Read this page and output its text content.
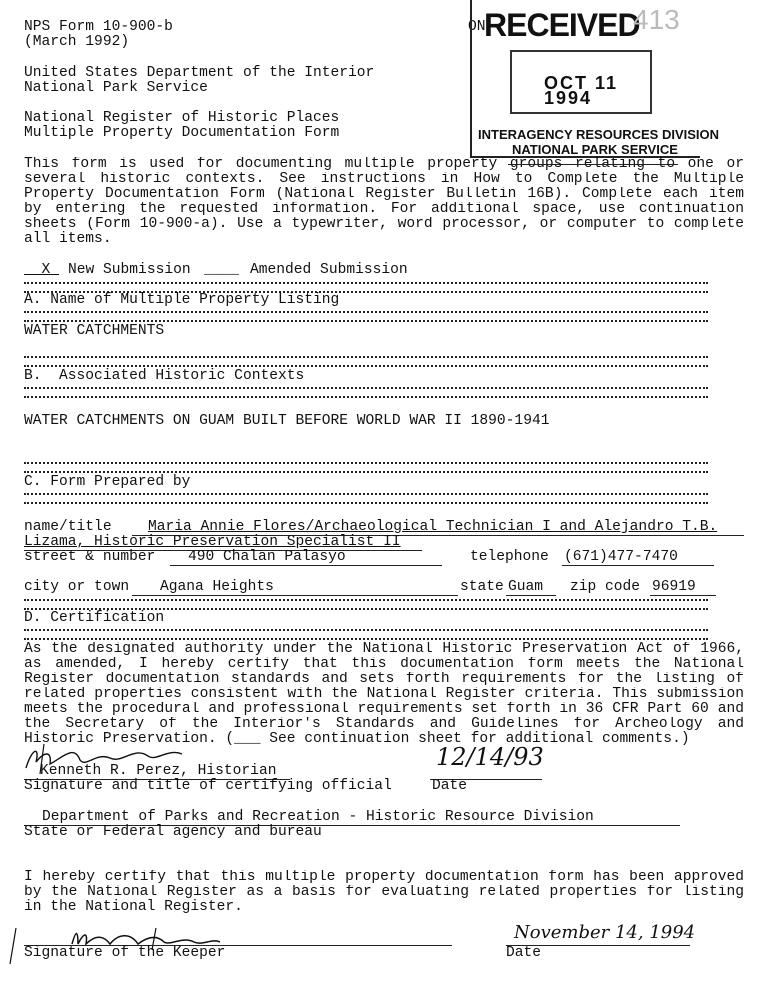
NPS Form 10-900-b
(March 1992)
ON
United States Department of the Interior
National Park Service
National Register of Historic Places
Multiple Property Documentation Form
RECEIVED
413
OCT 11 1994
INTERAGENCY RESOURCES DIVISION
NATIONAL PARK SERVICE
This form is used for documenting multiple property groups relating to one or
several historic contexts. See instructions in How to Complete the Multiple
Property Documentation Form (National Register Bulletin 16B). Complete each item
by entering the requested information. For additional space, use continuation
sheets (Form 10-900-a). Use a typewriter, word processor, or computer to complete
all items.
X	New Submission ____ Amended Submission
A. Name of Multiple Property Listing
WATER CATCHMENTS
B.  Associated Historic Contexts
WATER CATCHMENTS ON GUAM BUILT BEFORE WORLD WAR II 1890-1941
C. Form Prepared by
name/title Maria Annie Flores/Archaeological Technician I and Alejandro T.B.
Lizama, Historic Preservation Specialist II
street & number 490 Chalan Palasyo	telephone (671)477-7470
city or town Agana Heights	state Guam zip code 96919
D. Certification
As the designated authority under the National Historic Preservation Act of 1966,
as amended, I hereby certify that this documentation form meets the National
Register documentation standards and sets forth requirements for the listing of
related properties consistent with the National Register criteria. This submission
meets the procedural and professional requirements set forth in 36 CFR Part 60 and
the Secretary of the Interior's Standards and Guidelines for Archeology and
Historic Preservation. (___ See continuation sheet for additional comments.)
Kenneth R. Perez, Historian	12/14/93
Signature and title of certifying official	Date
Department of Parks and Recreation - Historic Resource Division
State or Federal agency and bureau
I hereby certify that this multiple property documentation form has been approved
by the National Register as a basis for evaluating related properties for listing
in the National Register.
Signature of the Keeper
November 14, 1994
Date
